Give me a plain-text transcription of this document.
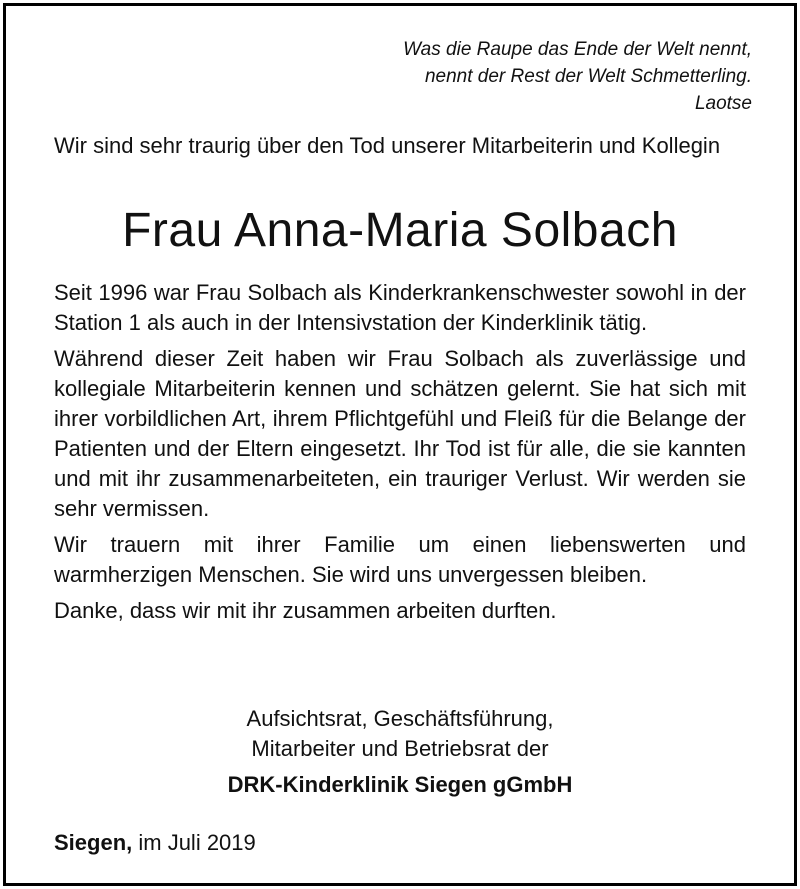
Was die Raupe das Ende der Welt nennt,
nennt der Rest der Welt Schmetterling.
Laotse
Wir sind sehr traurig über den Tod unserer Mitarbeiterin und Kollegin
Frau Anna-Maria Solbach

Seit 1996 war Frau Solbach als Kinderkrankenschwester sowohl in der Station 1 als auch in der Intensivstation der Kinderklinik tätig.

Während dieser Zeit haben wir Frau Solbach als zuverlässige und kollegiale Mitarbeiterin kennen und schätzen gelernt. Sie hat sich mit ihrer vorbildlichen Art, ihrem Pflichtgefühl und Fleiß für die Belange der Patienten und der Eltern eingesetzt. Ihr Tod ist für alle, die sie kannten und mit ihr zusammenarbeiteten, ein trauriger Verlust. Wir werden sie sehr vermissen.

Wir trauern mit ihrer Familie um einen liebenswerten und warmherzigen Menschen. Sie wird uns unvergessen bleiben.

Danke, dass wir mit ihr zusammen arbeiten durften.

Aufsichtsrat, Geschäftsführung,
Mitarbeiter und Betriebsrat der
DRK-Kinderklinik Siegen gGmbH
Siegen, im Juli 2019
